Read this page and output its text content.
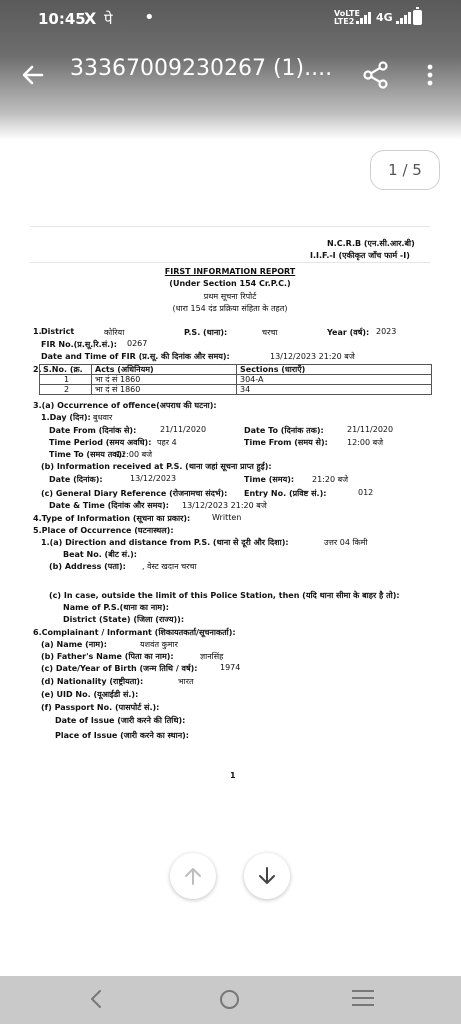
10:45
X पे •	VoLTE
LTE2	4G
33367009230267 (1)....
1 / 5
N.C.R.B (एन.सी.आर.बी)
I.I.F.-I (एकीकृत जाँच फार्म -I)
FIRST INFORMATION REPORT
(Under Section 154 Cr.P.C.)
प्रथम सूचना रिपोर्ट
(धारा 154 दंड प्रक्रिया संहिता के तहत)
1. District	कोरिया	P.S. (थाना):	चरचा	Year (वर्ष): 2023
FIR No.(प्र.सू.रि.सं.): 0267
Date and Time of FIR (प्र.सू. की दिनांक और समय):	13/12/2023 21:20 बजे
2. S.No. (क्र.	Acts (अधिनियम)	Sections (धाराएँ)
1	भा दं सं 1860	304-A
2	भा दं सं 1860	34
3.(a) Occurrence of offence(अपराध की घटना):
1.Day (दिन): बुधवार
Date From (दिनांक से):	21/11/2020	Date To (दिनांक तक):	21/11/2020
Time Period (समय अवधि): पहर 4	Time From (समय से): 12:00 बजे
Time To (समय तक):
12:00 बजे
(b) Information received at P.S. (थाना जहां सूचना प्राप्त हुई):
Date (दिनांक):	13/12/2023	Time (समय): 21:20 बजे
(c) General Diary Reference (रोजनामचा संदर्भ): Entry No. (प्रविष्ट सं.):	012
Date & Time (दिनांक और समय): 13/12/2023 21:20 बजे
4.Type of Information (सूचना का प्रकार):	Written
5.Place of Occurrence (घटनास्थल):
1.(a) Direction and distance from P.S. (थाना से दूरी और दिशा):	उत्तर 04 किमी
Beat No. (बीट सं.):
(b) Address (पता): , वेस्ट खदान चरचा
(c) In case, outside the limit of this Police Station, then (यदि थाना सीमा के बाहर है तो):
Name of P.S.(थाना का नाम):
District (State) (जिला (राज्य)):
6.Complainant / Informant (शिकायतकर्ता/सूचनाकर्ता):
(a) Name (नाम):	यशवंत कुमार
(b) Father's Name (पिता का नाम):	ज्ञानसिंह
(c) Date/Year of Birth (जन्म तिथि / वर्ष):	1974
(d) Nationality (राष्ट्रीयता):	भारत
(e) UID No. (यूआईडी सं.):
(f) Passport No. (पासपोर्ट सं.):
Date of Issue (जारी करने की तिथि):
Place of Issue (जारी करने का स्थान):
1
